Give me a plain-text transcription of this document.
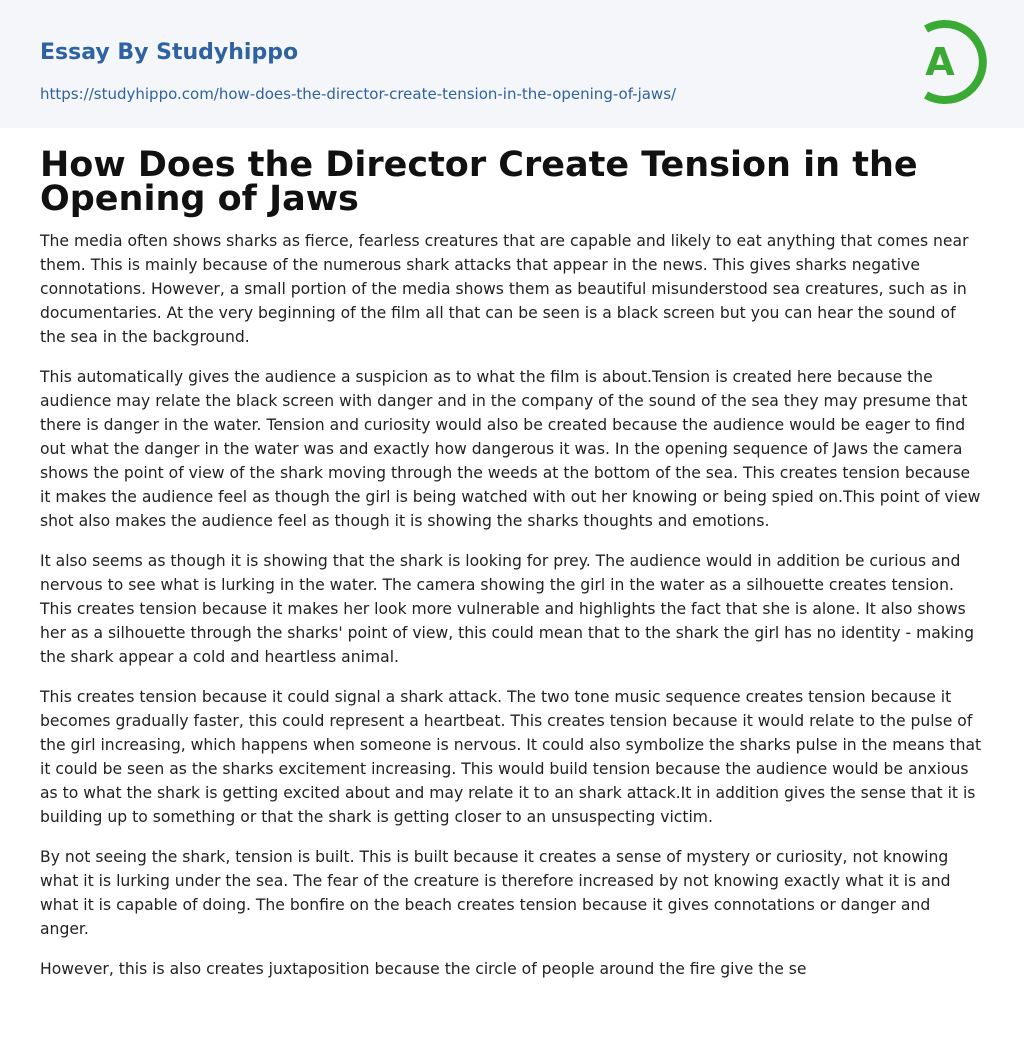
Essay By Studyhippo
https://studyhippo.com/how-does-the-director-create-tension-in-the-opening-of-jaws/
A
How Does the Director Create Tension in the Opening of Jaws

The media often shows sharks as fierce, fearless creatures that are capable and likely to eat anything that comes near them. This is mainly because of the numerous shark attacks that appear in the news. This gives sharks negative connotations. However, a small portion of the media shows them as beautiful misunderstood sea creatures, such as in documentaries. At the very beginning of the film all that can be seen is a black screen but you can hear the sound of the sea in the background.

This automatically gives the audience a suspicion as to what the film is about.Tension is created here because the audience may relate the black screen with danger and in the company of the sound of the sea they may presume that there is danger in the water. Tension and curiosity would also be created because the audience would be eager to find out what the danger in the water was and exactly how dangerous it was. In the opening sequence of Jaws the camera shows the point of view of the shark moving through the weeds at the bottom of the sea. This creates tension because it makes the audience feel as though the girl is being watched with out her knowing or being spied on.This point of view shot also makes the audience feel as though it is showing the sharks thoughts and emotions.

It also seems as though it is showing that the shark is looking for prey. The audience would in addition be curious and nervous to see what is lurking in the water. The camera showing the girl in the water as a silhouette creates tension. This creates tension because it makes her look more vulnerable and highlights the fact that she is alone. It also shows her as a silhouette through the sharks' point of view, this could mean that to the shark the girl has no identity - making the shark appear a cold and heartless animal.

This creates tension because it could signal a shark attack. The two tone music sequence creates tension because it becomes gradually faster, this could represent a heartbeat. This creates tension because it would relate to the pulse of the girl increasing, which happens when someone is nervous. It could also symbolize the sharks pulse in the means that it could be seen as the sharks excitement increasing. This would build tension because the audience would be anxious as to what the shark is getting excited about and may relate it to an shark attack.It in addition gives the sense that it is building up to something or that the shark is getting closer to an unsuspecting victim.

By not seeing the shark, tension is built. This is built because it creates a sense of mystery or curiosity, not knowing what it is lurking under the sea. The fear of the creature is therefore increased by not knowing exactly what it is and what it is capable of doing. The bonfire on the beach creates tension because it gives connotations or danger and anger.

However, this is also creates juxtaposition because the circle of people around the fire give the se
